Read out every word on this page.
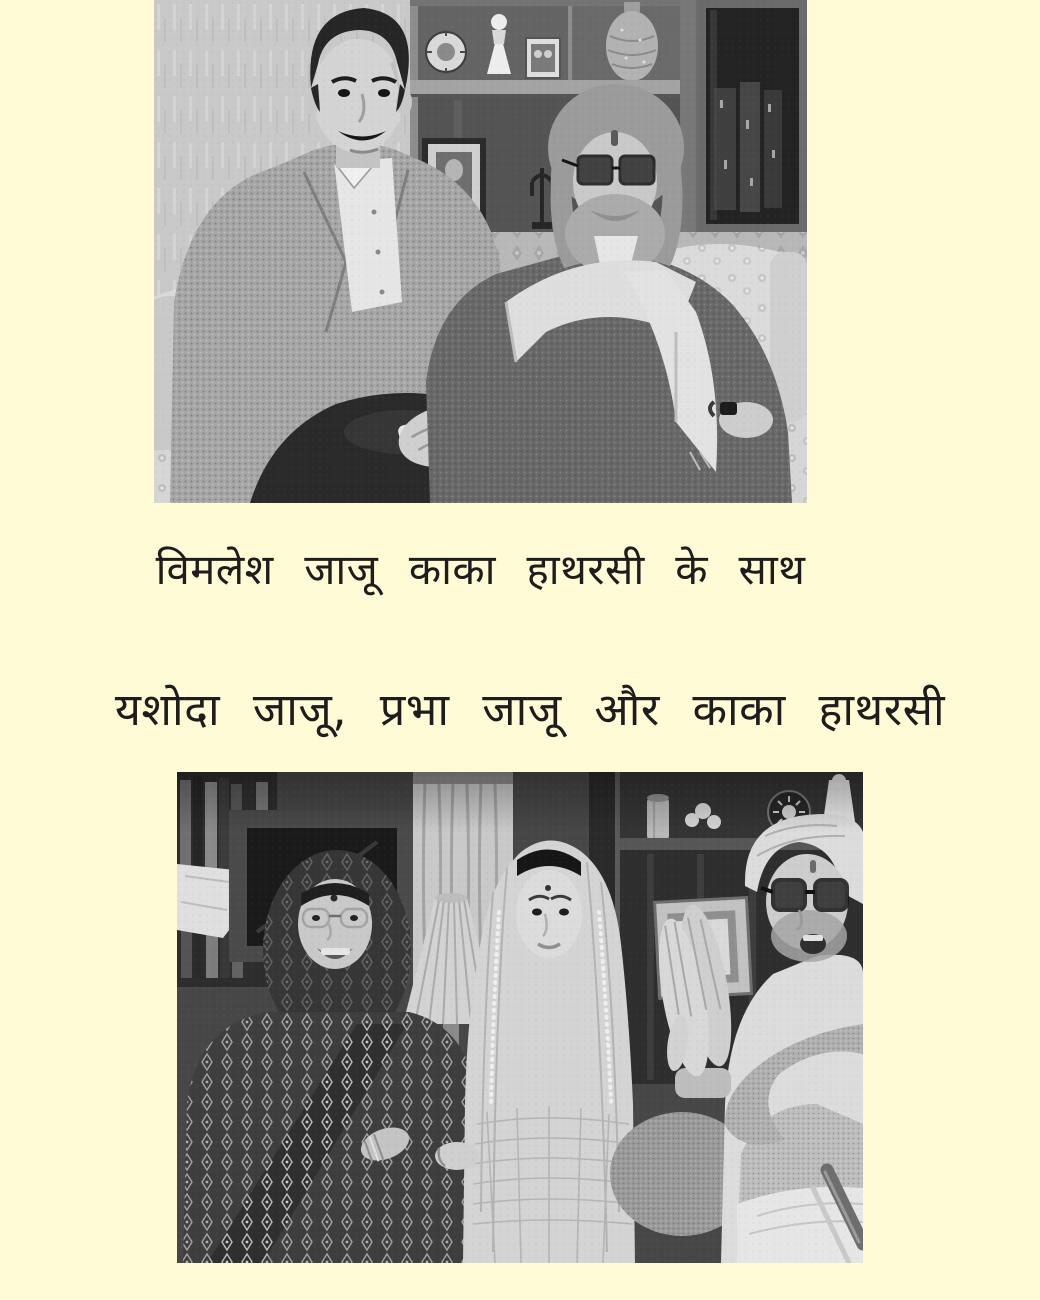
विमलेश जाजू काका हाथरसी के साथ
यशोदा जाजू, प्रभा जाजू और काका हाथरसी
